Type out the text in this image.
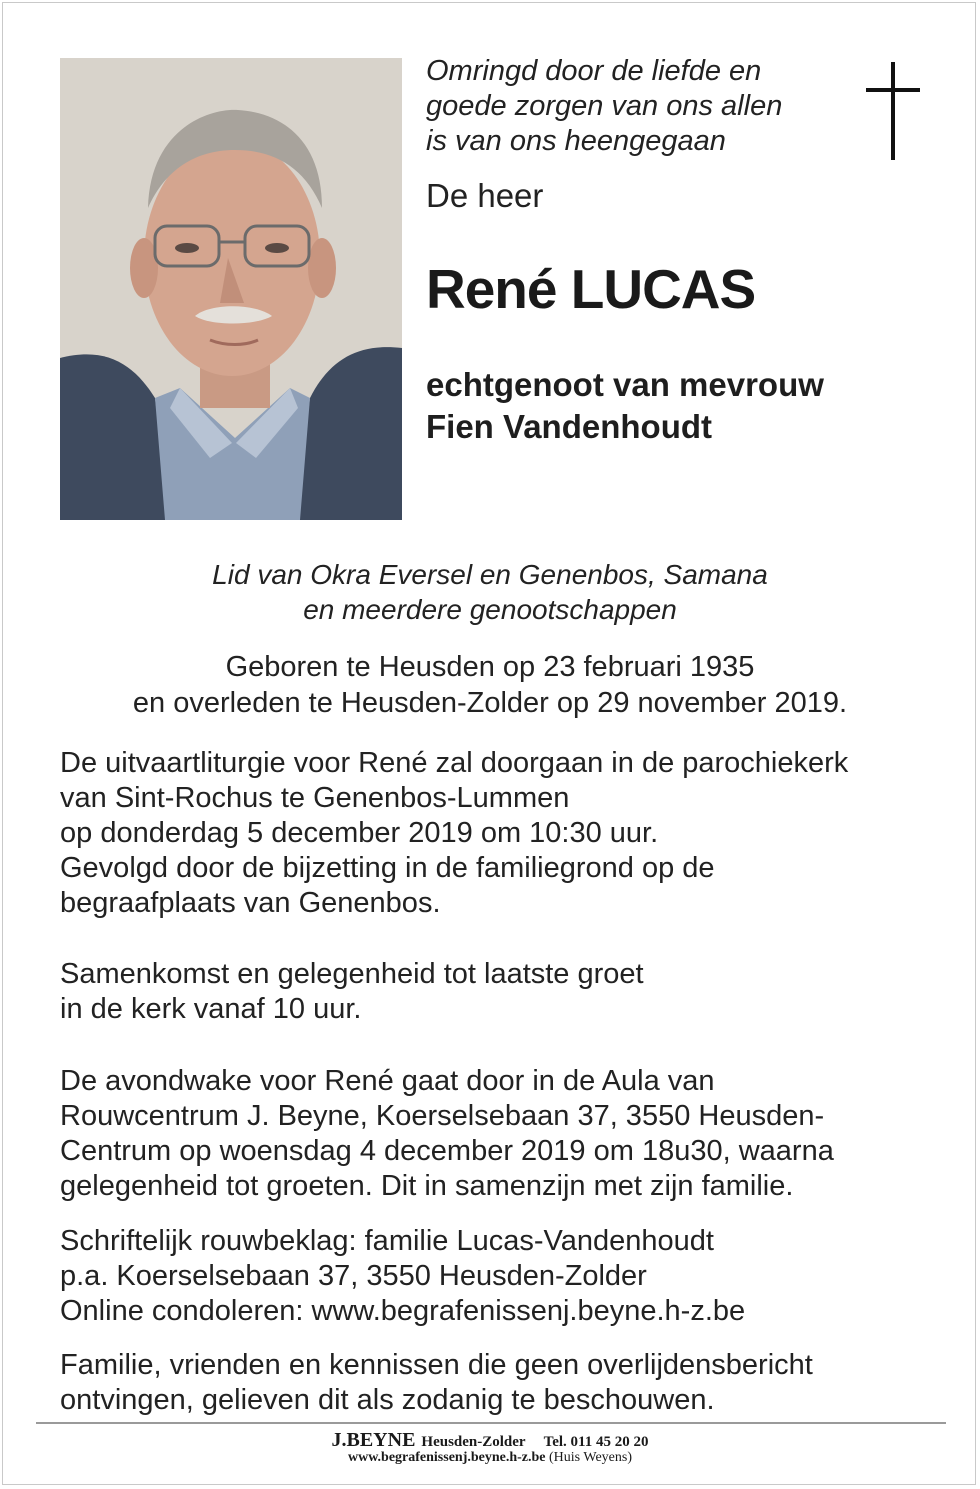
Omringd door de liefde en
goede zorgen van ons allen
is van ons heengegaan
De heer
René LUCAS
echtgenoot van mevrouw
Fien Vandenhoudt
Lid van Okra Eversel en Genenbos, Samana
en meerdere genootschappen
Geboren te Heusden op 23 februari 1935
en overleden te Heusden-Zolder op 29 november 2019.
De uitvaartliturgie voor René zal doorgaan in de parochiekerk
van Sint-Rochus te Genenbos-Lummen
op donderdag 5 december 2019 om 10:30 uur.
Gevolgd door de bijzetting in de familiegrond op de
begraafplaats van Genenbos.
Samenkomst en gelegenheid tot laatste groet
in de kerk vanaf 10 uur.
De avondwake voor René gaat door in de Aula van
Rouwcentrum J. Beyne, Koerselsebaan 37, 3550 Heusden-
Centrum op woensdag 4 december 2019 om 18u30, waarna
gelegenheid tot groeten. Dit in samenzijn met zijn familie.
Schriftelijk rouwbeklag: familie Lucas-Vandenhoudt
p.a. Koerselsebaan 37, 3550 Heusden-Zolder
Online condoleren: www.begrafenissenj.beyne.h-z.be
Familie, vrienden en kennissen die geen overlijdensbericht
ontvingen, gelieven dit als zodanig te beschouwen.
J.BEYNE Heusden-Zolder Tel. 011 45 20 20
www.begrafenissenj.beyne.h-z.be (Huis Weyens)
